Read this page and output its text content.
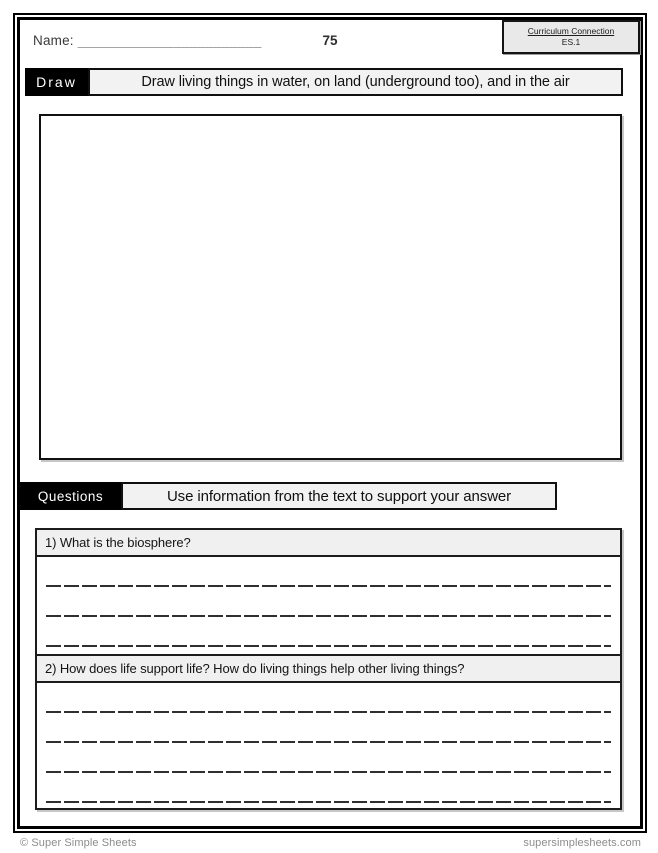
Name: _______________________	75
Curriculum Connection
ES.1
Draw	Draw living things in water, on land (underground too), and in the air
Questions	Use information from the text to support your answer
1) What is the biosphere?
2) How does life support life? How do living things help other living things?
© Super Simple Sheets	supersimplesheets.com
